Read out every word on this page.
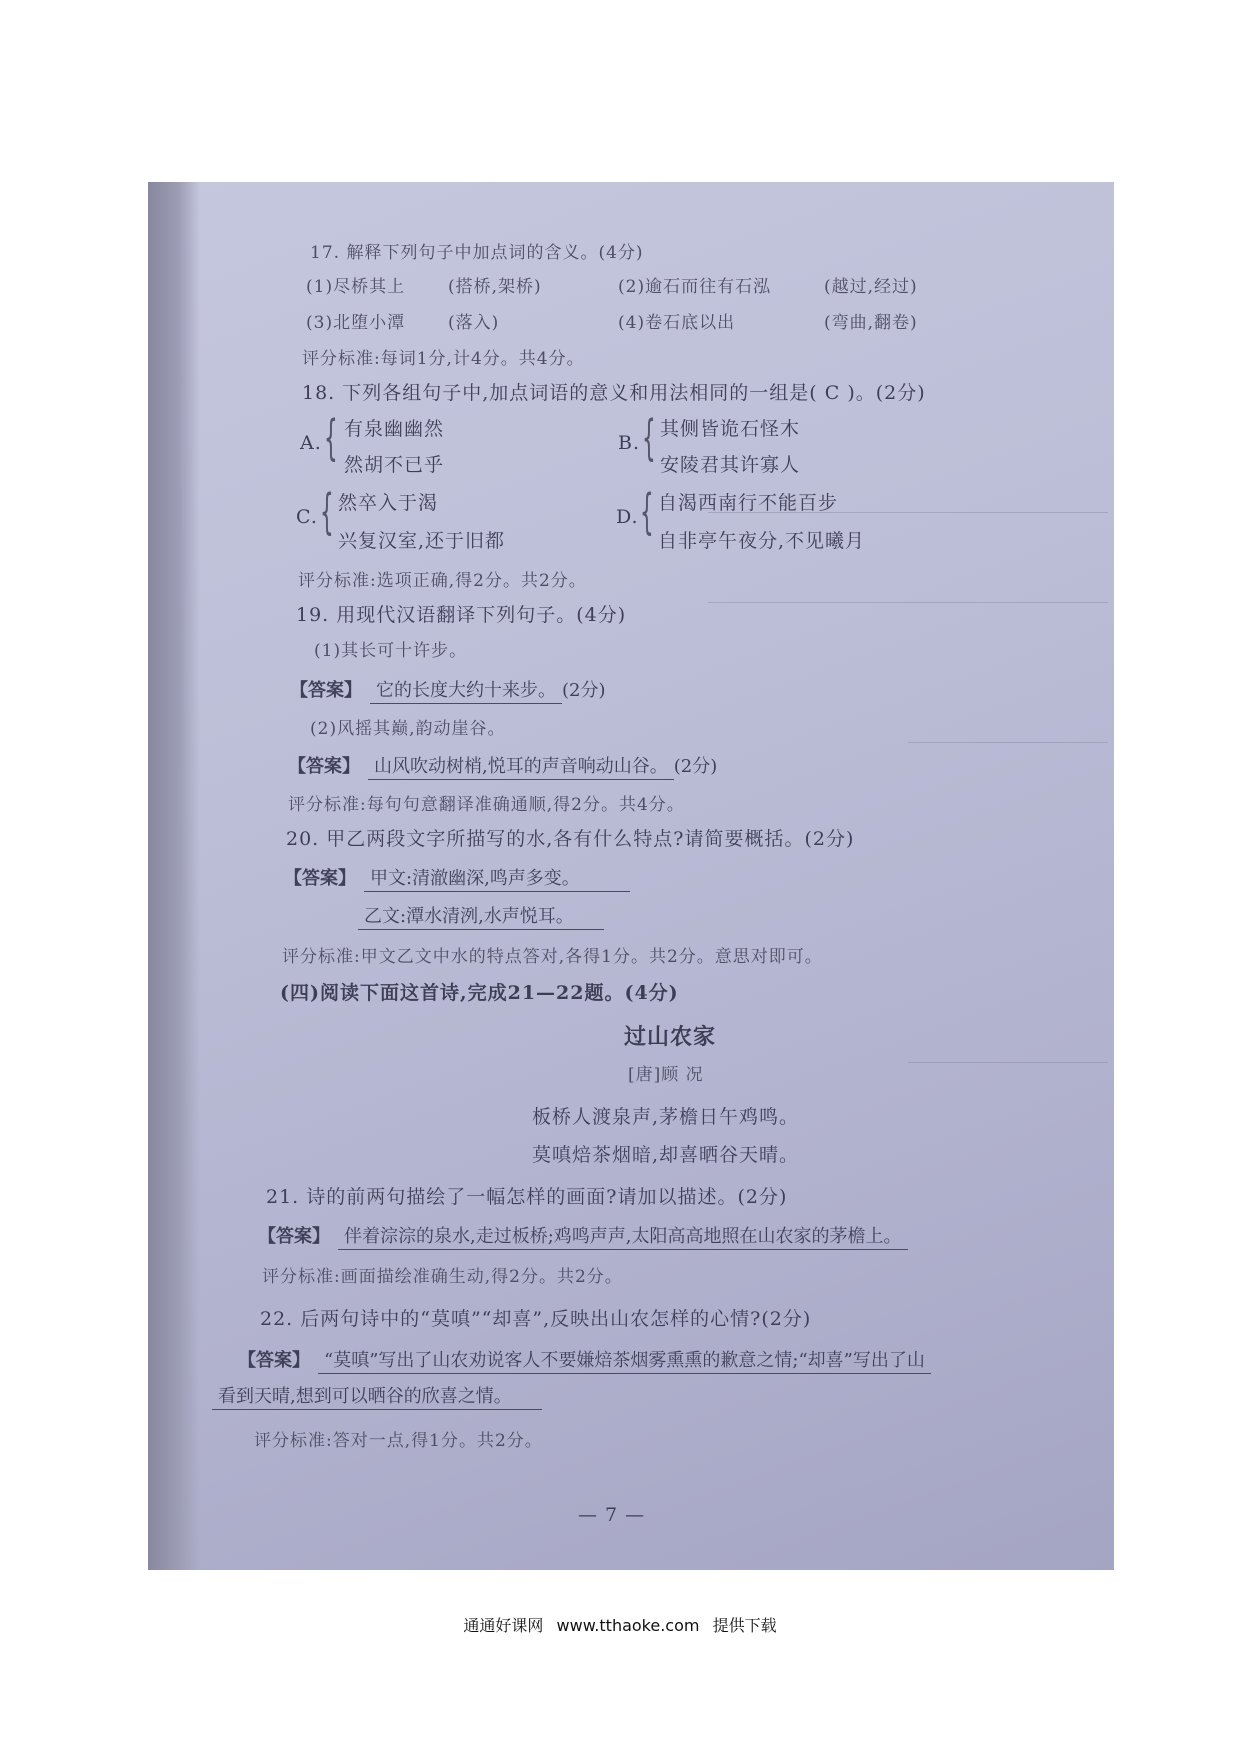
17. 解释下列句子中加点词的含义。(4分)
(1)尽桥其上	(搭桥,架桥)	(2)逾石而往有石泓	(越过,经过)
(3)北堕小潭	(落入)	(4)卷石底以出	(弯曲,翻卷)
评分标准:每词1分,计4分。共4分。
18. 下列各组句子中,加点词语的意义和用法相同的一组是( C )。(2分)
A. { 有泉幽幽然
然胡不已乎
B. { 其侧皆诡石怪木
安陵君其许寡人
C. { 然卒入于渴
兴复汉室,还于旧都
D. { 自渴西南行不能百步
自非亭午夜分,不见曦月
评分标准:选项正确,得2分。共2分。
19. 用现代汉语翻译下列句子。(4分)
(1)其长可十许步。
【答案】 它的长度大约十来步。 (2分)
(2)风摇其巅,韵动崖谷。
【答案】 山风吹动树梢,悦耳的声音响动山谷。 (2分)
评分标准:每句句意翻译准确通顺,得2分。共4分。
20. 甲乙两段文字所描写的水,各有什么特点?请简要概括。(2分)
【答案】 甲文:清澈幽深,鸣声多变。
乙文:潭水清洌,水声悦耳。
评分标准:甲文乙文中水的特点答对,各得1分。共2分。意思对即可。
(四)阅读下面这首诗,完成21—22题。(4分)
过山农家
[唐]顾 况
板桥人渡泉声,茅檐日午鸡鸣。
莫嗔焙茶烟暗,却喜晒谷天晴。
21. 诗的前两句描绘了一幅怎样的画面?请加以描述。(2分)
【答案】 伴着淙淙的泉水,走过板桥;鸡鸣声声,太阳高高地照在山农家的茅檐上。
评分标准:画面描绘准确生动,得2分。共2分。
22. 后两句诗中的“莫嗔”“却喜”,反映出山农怎样的心情?(2分)
【答案】 “莫嗔”写出了山农劝说客人不要嫌焙茶烟雾熏熏的歉意之情;“却喜”写出了山
看到天晴,想到可以晒谷的欣喜之情。
评分标准:答对一点,得1分。共2分。
— 7 —
通通好课网 www.tthaoke.com 提供下载
